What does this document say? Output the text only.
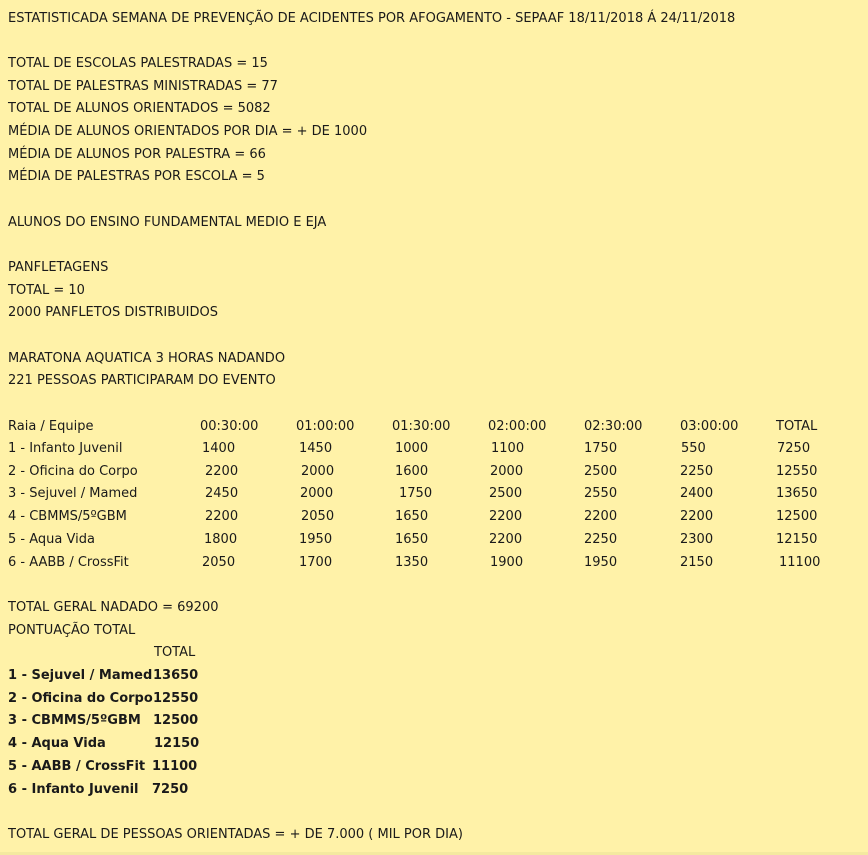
ESTATISTICADA SEMANA DE PREVENÇÃO DE ACIDENTES POR AFOGAMENTO - SEPAAF 18/11/2018 Á 24/11/2018
TOTAL DE ESCOLAS PALESTRADAS = 15
TOTAL DE PALESTRAS MINISTRADAS = 77
TOTAL DE ALUNOS ORIENTADOS = 5082
MÉDIA DE ALUNOS ORIENTADOS POR DIA = + DE 1000
MÉDIA DE ALUNOS POR PALESTRA = 66
MÉDIA DE PALESTRAS POR ESCOLA = 5
ALUNOS DO ENSINO FUNDAMENTAL MEDIO E EJA
PANFLETAGENS
TOTAL = 10
2000 PANFLETOS DISTRIBUIDOS
MARATONA AQUATICA 3 HORAS NADANDO
221 PESSOAS PARTICIPARAM DO EVENTO
Raia / Equipe	00:30:00	01:00:00	01:30:00	02:00:00	02:30:00	03:00:00	TOTAL
1 - Infanto Juvenil	1400	1450	1000	1100	1750	550	7250
2 - Oficina do Corpo	2200	2000	1600	2000	2500	2250	12550
3 - Sejuvel / Mamed	2450	2000	1750	2500	2550	2400	13650
4 - CBMMS/5ºGBM	2200	2050	1650	2200	2200	2200	12500
5 - Aqua Vida	1800	1950	1650	2200	2250	2300	12150
6 - AABB / CrossFit	2050	1700	1350	1900	1950	2150	11100
TOTAL GERAL NADADO = 69200
PONTUAÇÃO TOTAL
TOTAL
1 - Sejuvel / Mamed 13650
2 - Oficina do Corpo 12550
3 - CBMMS/5ºGBM 12500
4 - Aqua Vida	12150
5 - AABB / CrossFit 11100
6 - Infanto Juvenil 7250
TOTAL GERAL DE PESSOAS ORIENTADAS = + DE 7.000 ( MIL POR DIA)
